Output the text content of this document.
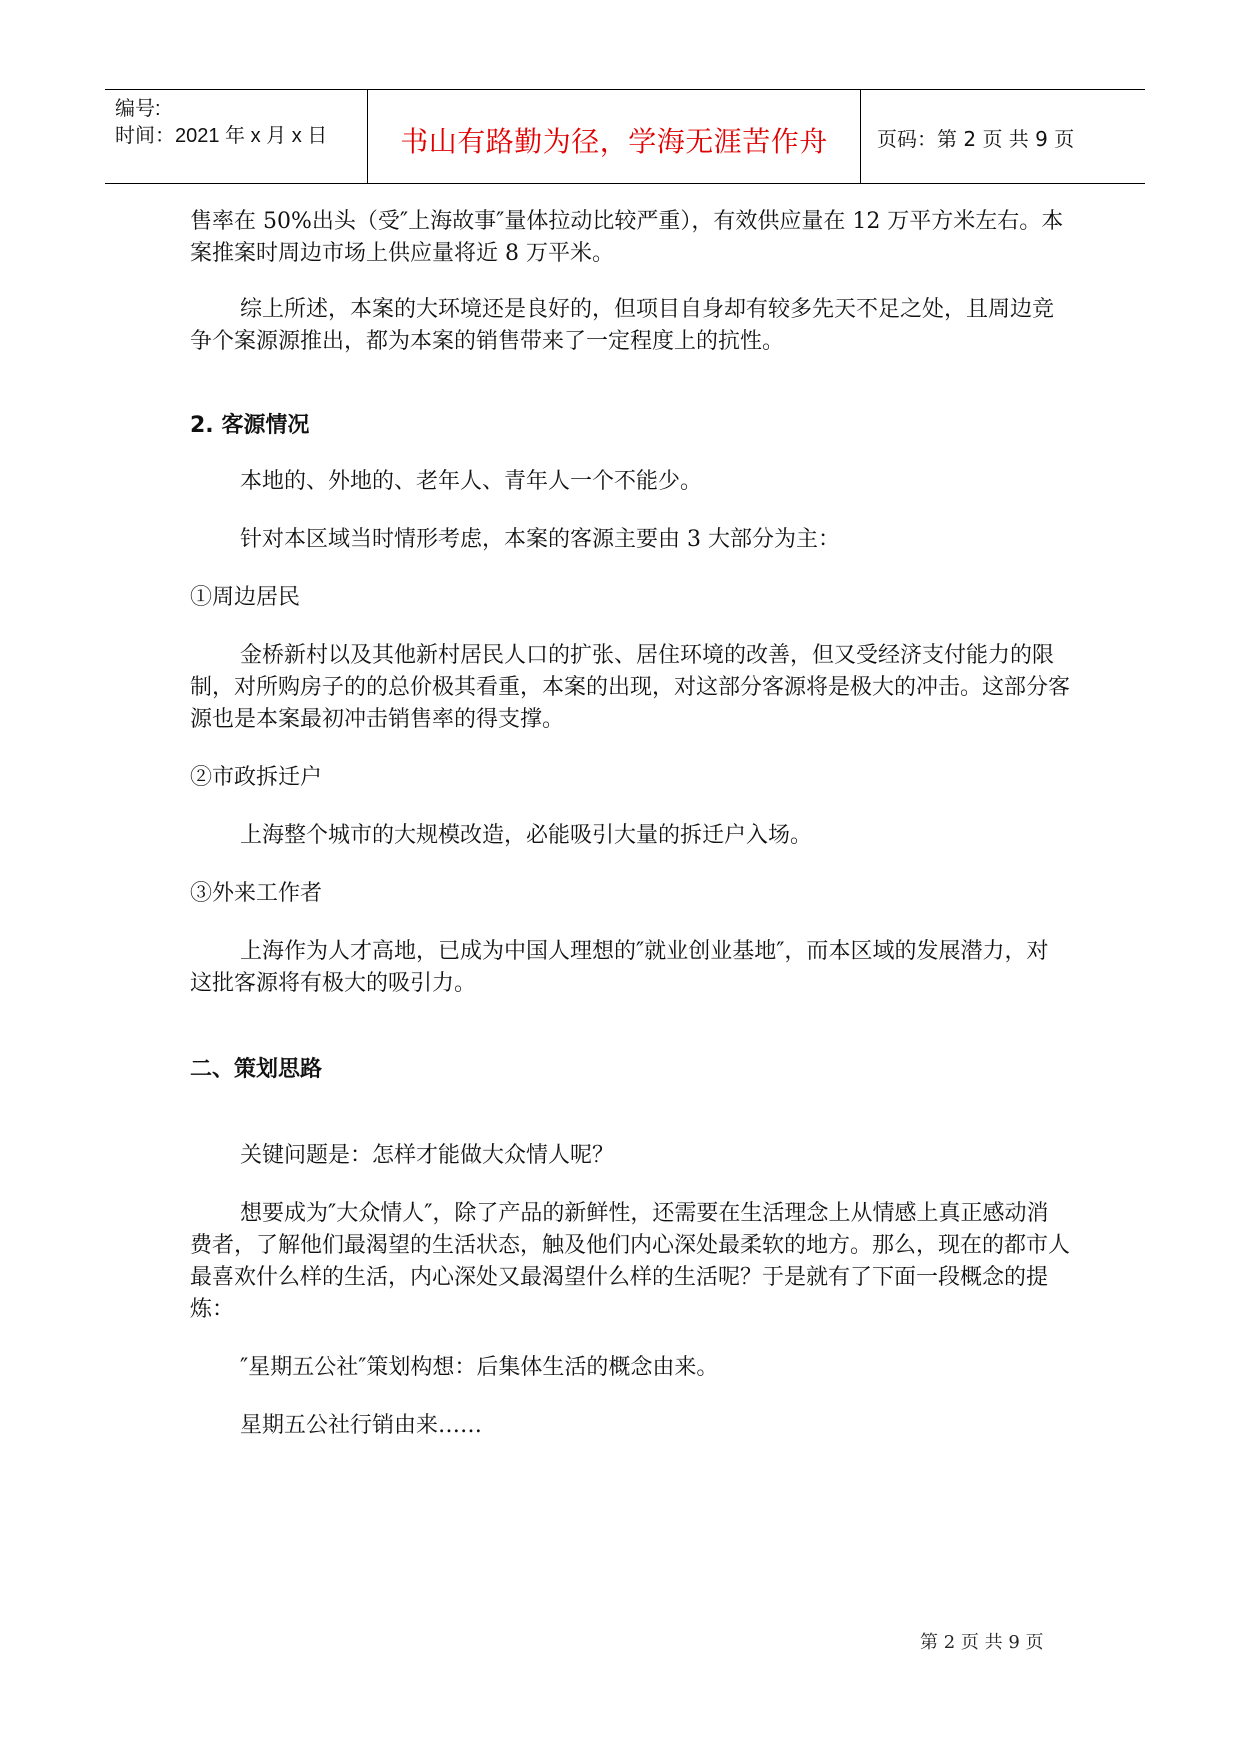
编号:
时间：2021 年 x 月 x 日	书山有路勤为径，学海无涯苦作舟	页码：第 2 页 共 9 页

售率在 50%出头（受″上海故事″量体拉动比较严重），有效供应量在 12 万平方米左右。本案推案时周边市场上供应量将近 8 万平米。

综上所述，本案的大环境还是良好的，但项目自身却有较多先天不足之处，且周边竞争个案源源推出，都为本案的销售带来了一定程度上的抗性。

2. 客源情况

本地的、外地的、老年人、青年人一个不能少。

针对本区域当时情形考虑，本案的客源主要由 3 大部分为主：

①周边居民

金桥新村以及其他新村居民人口的扩张、居住环境的改善，但又受经济支付能力的限制，对所购房子的的总价极其看重，本案的出现，对这部分客源将是极大的冲击。这部分客源也是本案最初冲击销售率的得支撑。

②市政拆迁户

上海整个城市的大规模改造，必能吸引大量的拆迁户入场。

③外来工作者

上海作为人才高地，已成为中国人理想的″就业创业基地″，而本区域的发展潜力，对这批客源将有极大的吸引力。

二、策划思路

关键问题是：怎样才能做大众情人呢？

想要成为″大众情人″，除了产品的新鲜性，还需要在生活理念上从情感上真正感动消费者，了解他们最渴望的生活状态，触及他们内心深处最柔软的地方。那么，现在的都市人最喜欢什么样的生活，内心深处又最渴望什么样的生活呢？于是就有了下面一段概念的提炼：

″星期五公社″策划构想：后集体生活的概念由来。

星期五公社行销由来……

第 2 页 共 9 页
